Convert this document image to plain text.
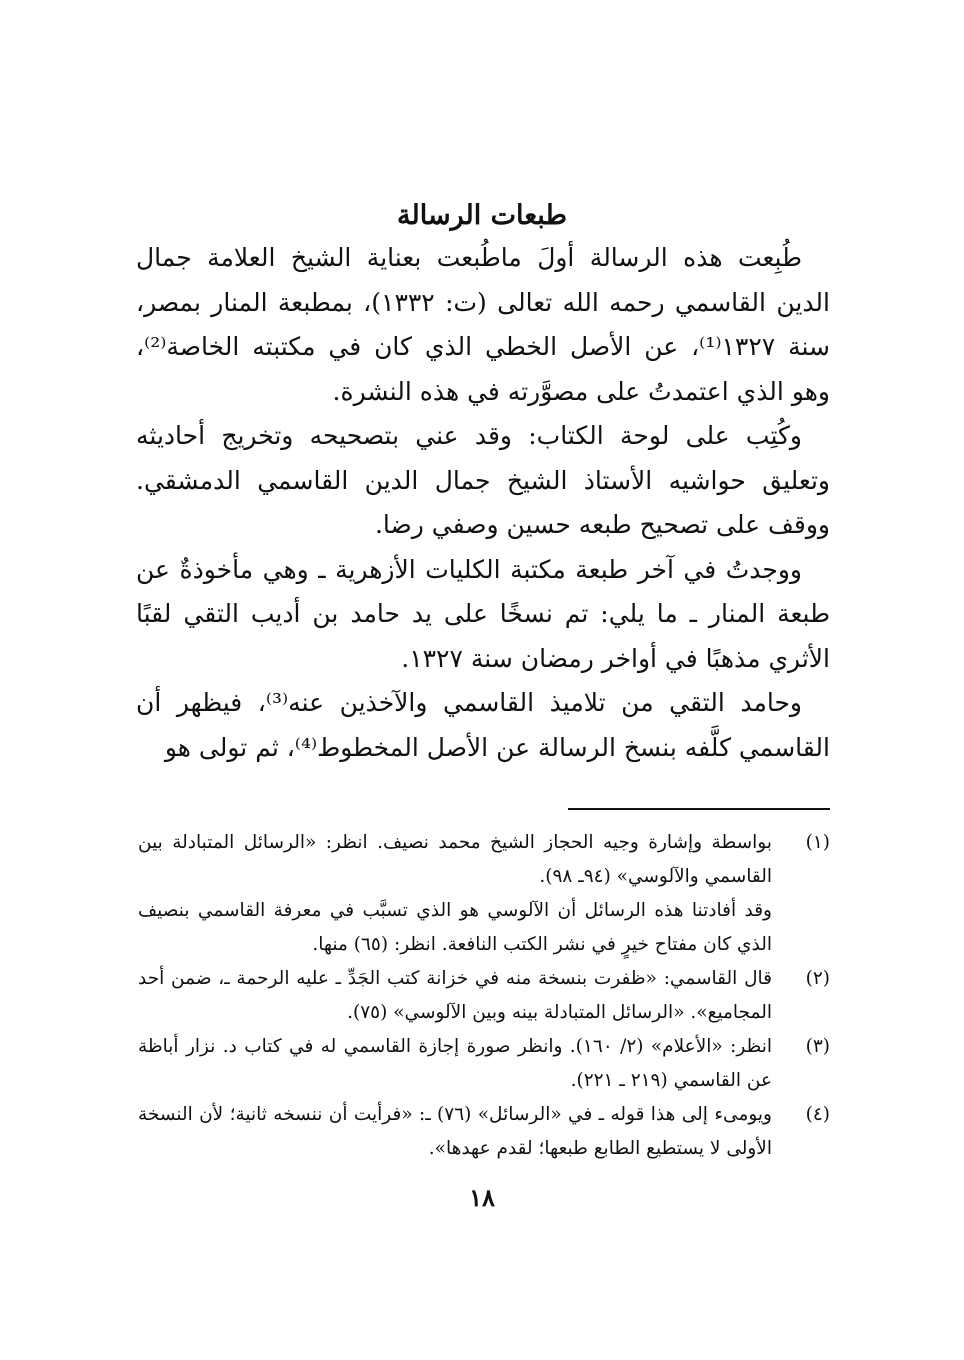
طبعات الرسالة

طُبِعت هذه الرسالة أولَ ماطُبعت بعناية الشيخ العلامة جمال الدين القاسمي رحمه الله تعالى (ت: ١٣٣٢)، بمطبعة المنار بمصر، سنة ١٣٢٧⁽¹⁾، عن الأصل الخطي الذي كان في مكتبته الخاصة⁽²⁾، وهو الذي اعتمدتُ على مصوَّرته في هذه النشرة.

وكُتِب على لوحة الكتاب: وقد عني بتصحيحه وتخريج أحاديثه وتعليق حواشيه الأستاذ الشيخ جمال الدين القاسمي الدمشقي. ووقف على تصحيح طبعه حسين وصفي رضا.

ووجدتُ في آخر طبعة مكتبة الكليات الأزهرية ـ وهي مأخوذةٌ عن طبعة المنار ـ ما يلي: تم نسخًا على يد حامد بن أديب التقي لقبًا الأثري مذهبًا في أواخر رمضان سنة ١٣٢٧.

وحامد التقي من تلاميذ القاسمي والآخذين عنه⁽³⁾، فيظهر أن القاسمي كلَّفه بنسخ الرسالة عن الأصل المخطوط⁽⁴⁾، ثم تولى هو

(١)
بواسطة وإشارة وجيه الحجاز الشيخ محمد نصيف. انظر: «الرسائل المتبادلة بين القاسمي والآلوسي» (٩٤ـ ٩٨).
وقد أفادتنا هذه الرسائل أن الآلوسي هو الذي تسبَّب في معرفة القاسمي بنصيف الذي كان مفتاح خيرٍ في نشر الكتب النافعة. انظر: (٦٥) منها.
(٢)
قال القاسمي: «ظفرت بنسخة منه في خزانة كتب الجَدِّ ـ عليه الرحمة ـ، ضمن أحد المجاميع». «الرسائل المتبادلة بينه وبين الآلوسي» (٧٥).
(٣)
انظر: «الأعلام» (٢/ ١٦٠). وانظر صورة إجازة القاسمي له في كتاب د. نزار أباظة عن القاسمي (٢١٩ ـ ٢٢١).
(٤)
ويومىء إلى هذا قوله ـ في «الرسائل» (٧٦) ـ: «فرأيت أن ننسخه ثانية؛ لأن النسخة الأولى لا يستطيع الطابع طبعها؛ لقدم عهدها».
١٨
